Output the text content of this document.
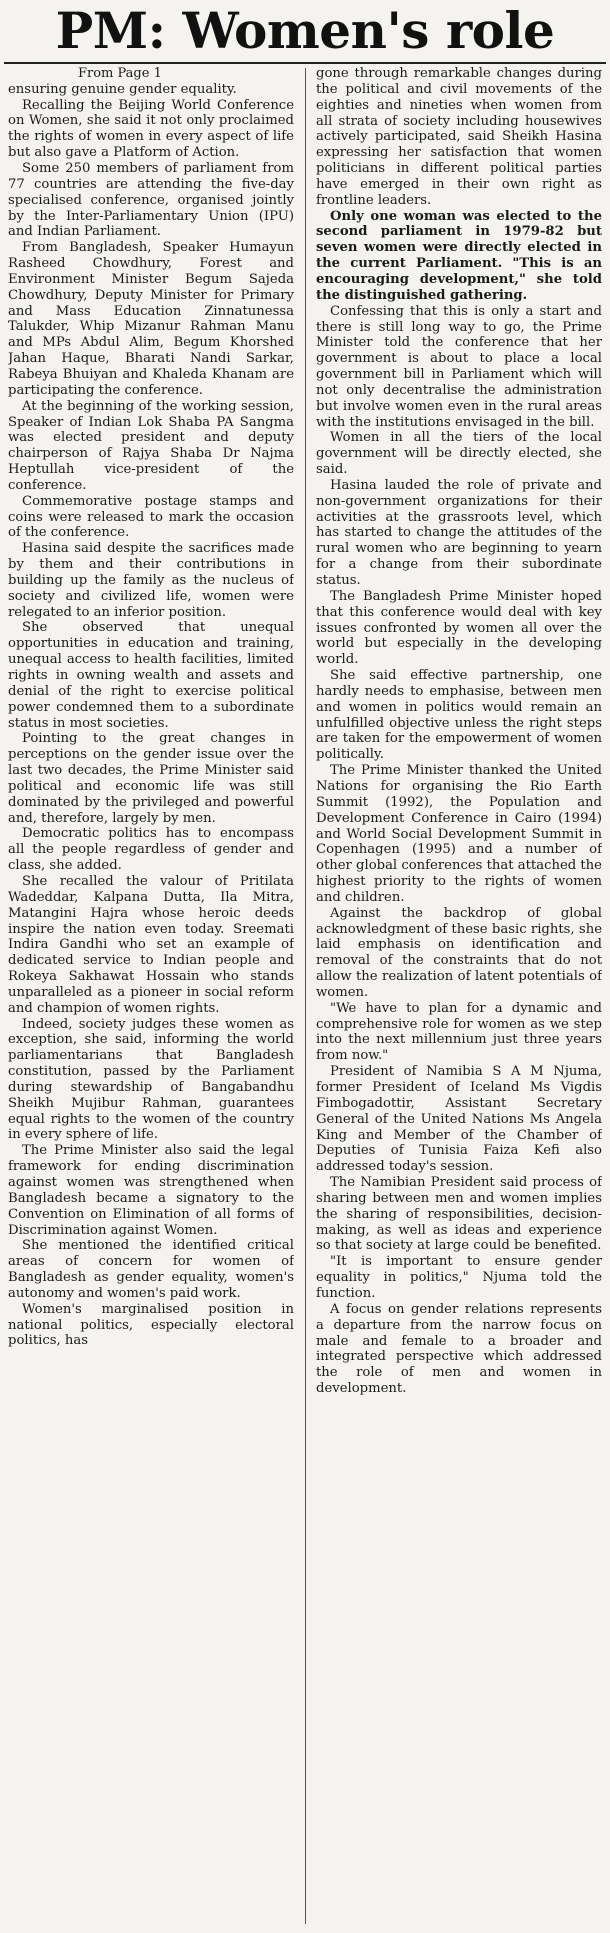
PM: Women's role
From Page 1

ensuring genuine gender equality.

Recalling the Beijing World Conference on Women, she said it not only proclaimed the rights of women in every aspect of life but also gave a Platform of Action.

Some 250 members of parliament from 77 countries are attending the five-day specialised conference, organised jointly by the Inter-Parliamentary Union (IPU) and Indian Parliament.

From Bangladesh, Speaker Humayun Rasheed Chowdhury, Forest and Environment Minister Begum Sajeda Chowdhury, Deputy Minister for Primary and Mass Education Zinnatunessa Talukder, Whip Mizanur Rahman Manu and MPs Abdul Alim, Begum Khorshed Jahan Haque, Bharati Nandi Sarkar, Rabeya Bhuiyan and Khaleda Khanam are participating the conference.

At the beginning of the working session, Speaker of Indian Lok Shaba PA Sangma was elected president and deputy chairperson of Rajya Shaba Dr Najma Heptullah vice-president of the conference.

Commemorative postage stamps and coins were released to mark the occasion of the conference.

Hasina said despite the sacrifices made by them and their contributions in building up the family as the nucleus of society and civilized life, women were relegated to an inferior position.

She observed that unequal opportunities in education and training, unequal access to health facilities, limited rights in owning wealth and assets and denial of the right to exercise political power condemned them to a subordinate status in most societies.

Pointing to the great changes in perceptions on the gender issue over the last two decades, the Prime Minister said political and economic life was still dominated by the privileged and powerful and, therefore, largely by men.

Democratic politics has to encompass all the people regardless of gender and class, she added.

She recalled the valour of Pritilata Wadeddar, Kalpana Dutta, Ila Mitra, Matangini Hajra whose heroic deeds inspire the nation even today. Sreemati Indira Gandhi who set an example of dedicated service to Indian people and Rokeya Sakhawat Hossain who stands unparalleled as a pioneer in social reform and champion of women rights.

Indeed, society judges these women as exception, she said, informing the world parliamentarians that Bangladesh constitution, passed by the Parliament during stewardship of Bangabandhu Sheikh Mujibur Rahman, guarantees equal rights to the women of the country in every sphere of life.

The Prime Minister also said the legal framework for ending discrimination against women was strengthened when Bangladesh became a signatory to the Convention on Elimination of all forms of Discrimination against Women.

She mentioned the identified critical areas of concern for women of Bangladesh as gender equality, women's autonomy and women's paid work.

Women's marginalised position in national politics, especially electoral politics, has

gone through remarkable changes during the political and civil movements of the eighties and nineties when women from all strata of society including housewives actively participated, said Sheikh Hasina expressing her satisfaction that women politicians in different political parties have emerged in their own right as frontline leaders.

Only one woman was elected to the second parliament in 1979-82 but seven women were directly elected in the current Parliament. "This is an encouraging development," she told the distinguished gathering.

Confessing that this is only a start and there is still long way to go, the Prime Minister told the conference that her government is about to place a local government bill in Parliament which will not only decentralise the administration but involve women even in the rural areas with the institutions envisaged in the bill.

Women in all the tiers of the local government will be directly elected, she said.

Hasina lauded the role of private and non-government organizations for their activities at the grassroots level, which has started to change the attitudes of the rural women who are beginning to yearn for a change from their subordinate status.

The Bangladesh Prime Minister hoped that this conference would deal with key issues confronted by women all over the world but especially in the developing world.

She said effective partnership, one hardly needs to emphasise, between men and women in politics would remain an unfulfilled objective unless the right steps are taken for the empowerment of women politically.

The Prime Minister thanked the United Nations for organising the Rio Earth Summit (1992), the Population and Development Conference in Cairo (1994) and World Social Development Summit in Copenhagen (1995) and a number of other global conferences that attached the highest priority to the rights of women and children.

Against the backdrop of global acknowledgment of these basic rights, she laid emphasis on identification and removal of the constraints that do not allow the realization of latent potentials of women.

"We have to plan for a dynamic and comprehensive role for women as we step into the next millennium just three years from now."

President of Namibia S A M Njuma, former President of Iceland Ms Vigdis Fimbogadottir, Assistant Secretary General of the United Nations Ms Angela King and Member of the Chamber of Deputies of Tunisia Faiza Kefi also addressed today's session.

The Namibian President said process of sharing between men and women implies the sharing of responsibilities, decision-making, as well as ideas and experience so that society at large could be benefited.

"It is important to ensure gender equality in politics," Njuma told the function.

A focus on gender relations represents a departure from the narrow focus on male and female to a broader and integrated perspective which addressed the role of men and women in development.
